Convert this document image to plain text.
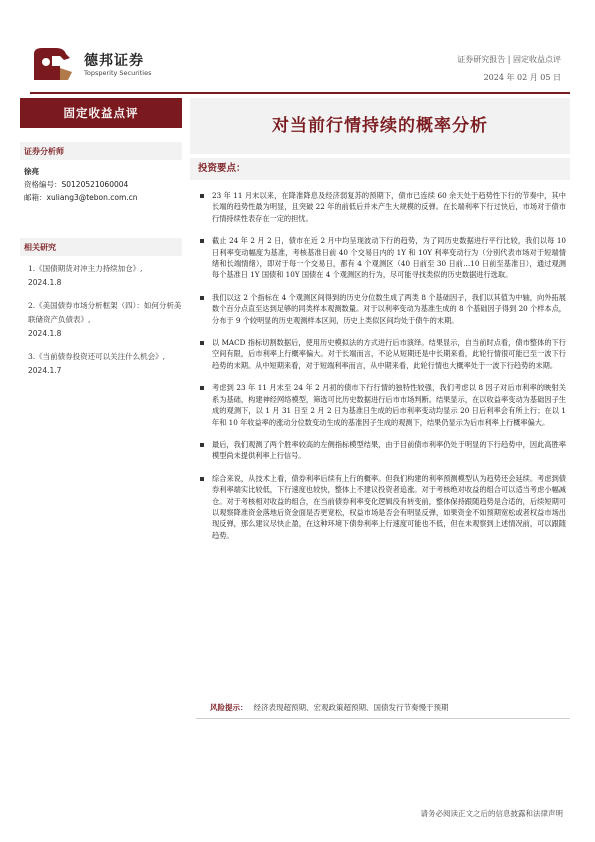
德邦证券
Topsperity Securities
证券研究报告 | 固定收益点评
2024 年 02 月 05 日
固定收益点评
对当前行情持续的概率分析
证券分析师
徐亮
资格编号：S0120521060004
邮箱：xuliang3@tebon.com.cn
相关研究
1.《国债期货对冲主力持续加仓》,
2024.1.8
2.《美国债券市场分析框架（四）：如何分析美联储资产负债表》,
2024.1.8
3.《当前债券投资还可以关注什么机会》,
2024.1.7
投资要点：
23 年 11 月末以来，在降准降息及经济弱复苏的预期下，债市已连续 60 余天处于趋势性下行的节奏中，其中长端的趋势性最为明显，且突破 22 年的前低后并未产生大规模的反弹。在长端利率下行过快后，市场对于债市行情持续性表存在一定的担忧。
截止 24 年 2 月 2 日，债市在近 2 月中均呈现波动下行的趋势，为了同历史数据进行平行比较，我们以每 10 日利率变动幅度为基准，考核基准日前 40 个交易日内的 1Y 和 10Y 利率变动行为（分别代表市场对于短端情绪和长端情绪），即对于每一个交易日，都有 4 个观测区（40 日前至 30 日前…10 日前至基准日），通过观测每个基准日 1Y 国债和 10Y 国债在 4 个观测区的行为，尽可能寻找类似的历史数据进行选取。
我们以这 2 个指标在 4 个观测区间得到的历史分位数生成了两类 8 个基础因子，我们以其值为中轴，向外拓展数个百分点直至达到足够的同类样本观测数量。对于以利率变动为基准生成的 8 个基础因子得到 20 个样本点，分布于 9 个较明显的历史观测样本区间，历史上类似区间均处于债牛的末期。
以 MACD 指标切割数据后，使用历史模拟法的方式进行后市演绎。结果显示，自当前时点看，债市整体的下行空间有限，后市利率上行概率偏大。对于长端而言，不论从短期还是中长期来看，此轮行情很可能已至一波下行趋势的末期。从中短期来看，对于短端利率而言，从中期来看，此轮行情也大概率处于一波下行趋势的末期。
考虑到 23 年 11 月末至 24 年 2 月初的债市下行行情的独特性较强，我们考虑以 8 因子对后市利率的映射关系为基础，构建神经网络模型，筛选可比历史数据进行后市市场判断。结果显示，在以收益率变动为基础因子生成的观测下，以 1 月 31 日至 2 月 2 日为基准日生成的后市利率变动均显示 20 日后利率会有所上行；在以 1 年和 10 年收益率的涨动分位数变动生成的基准因子生成的观测下，结果仍显示为后市利率上行概率偏大。
最后，我们观测了两个胜率较高的左侧指标模型结果，由于目前债市利率仍处于明显的下行趋势中，因此高胜率模型尚未提供利率上行信号。
综合来说，从技术上看，债券利率后续有上行的概率。但我们构建的利率预测模型认为趋势还会延续。考虑到债券利率端实比较低，下行速度也较快，整体上不建议投资者追涨。对于考核绝对收益的组合可以适当考虑小幅减仓。对于考核相对收益的组合，在当前债券利率变化逻辑没有转变前，整体保持跟随趋势是合适的，后续短期可以观察降准资金落地后资金面是否更宽松，权益市场是否会有明显反弹，如果资金不如预期宽松或者权益市场出现反弹，那么建议尽快止盈，在这种环境下债券利率上行速度可能也不低，但在未观察到上述情况前，可以跟随趋势。
风险提示： 经济表现超预期、宏观政策超预期、国债发行节奏慢于预期
请务必阅读正文之后的信息披露和法律声明
